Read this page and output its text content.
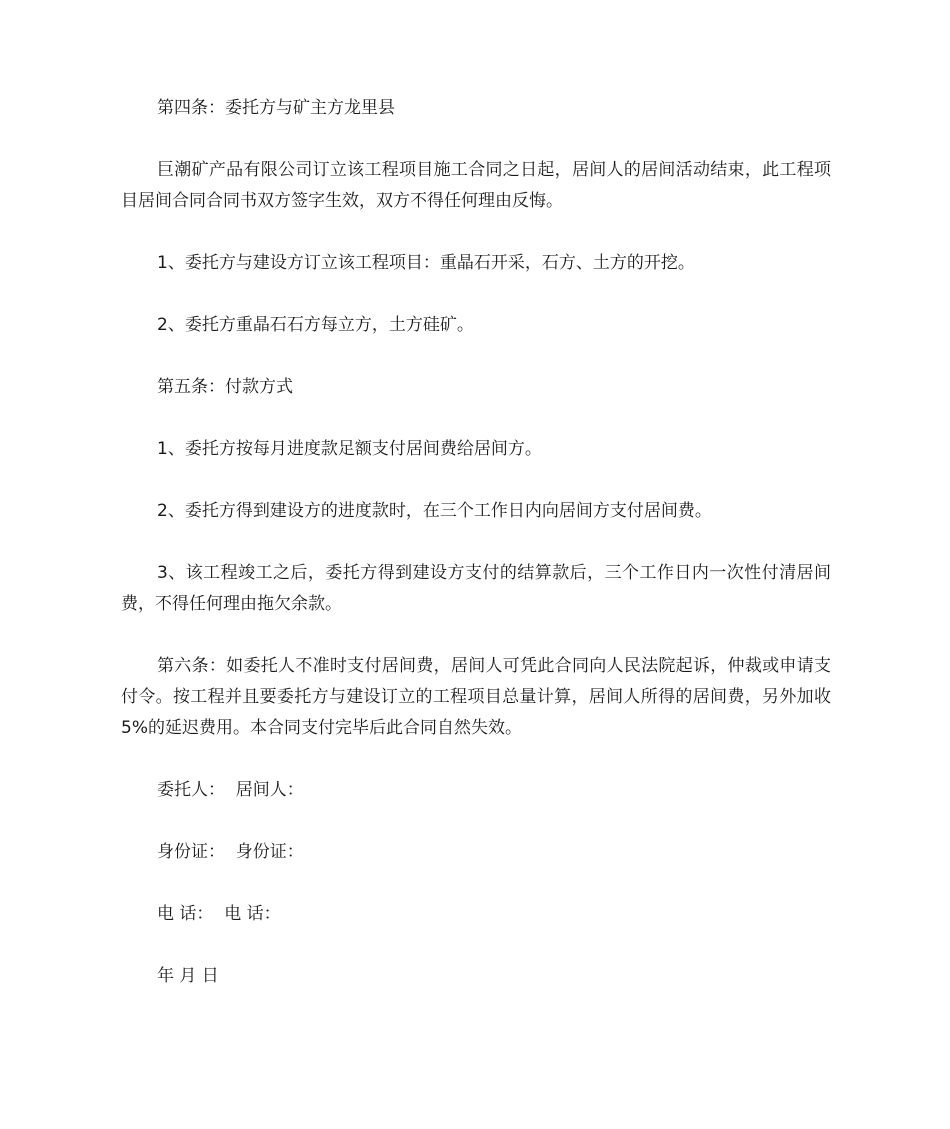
第四条：委托方与矿主方龙里县

巨潮矿产品有限公司订立该工程项目施工合同之日起，居间人的居间活动结束，此工程项目居间合同合同书双方签字生效，双方不得任何理由反悔。

1、委托方与建设方订立该工程项目：重晶石开采，石方、土方的开挖。

2、委托方重晶石石方每立方，土方硅矿。

第五条：付款方式

1、委托方按每月进度款足额支付居间费给居间方。

2、委托方得到建设方的进度款时，在三个工作日内向居间方支付居间费。

3、该工程竣工之后，委托方得到建设方支付的结算款后，三个工作日内一次性付清居间费，不得任何理由拖欠余款。

第六条：如委托人不准时支付居间费，居间人可凭此合同向人民法院起诉，仲裁或申请支付令。按工程并且要委托方与建设订立的工程项目总量计算，居间人所得的居间费，另外加收 5%的延迟费用。本合同支付完毕后此合同自然失效。

委托人：  居间人：

身份证：  身份证：

电 话：  电 话：

年 月 日
